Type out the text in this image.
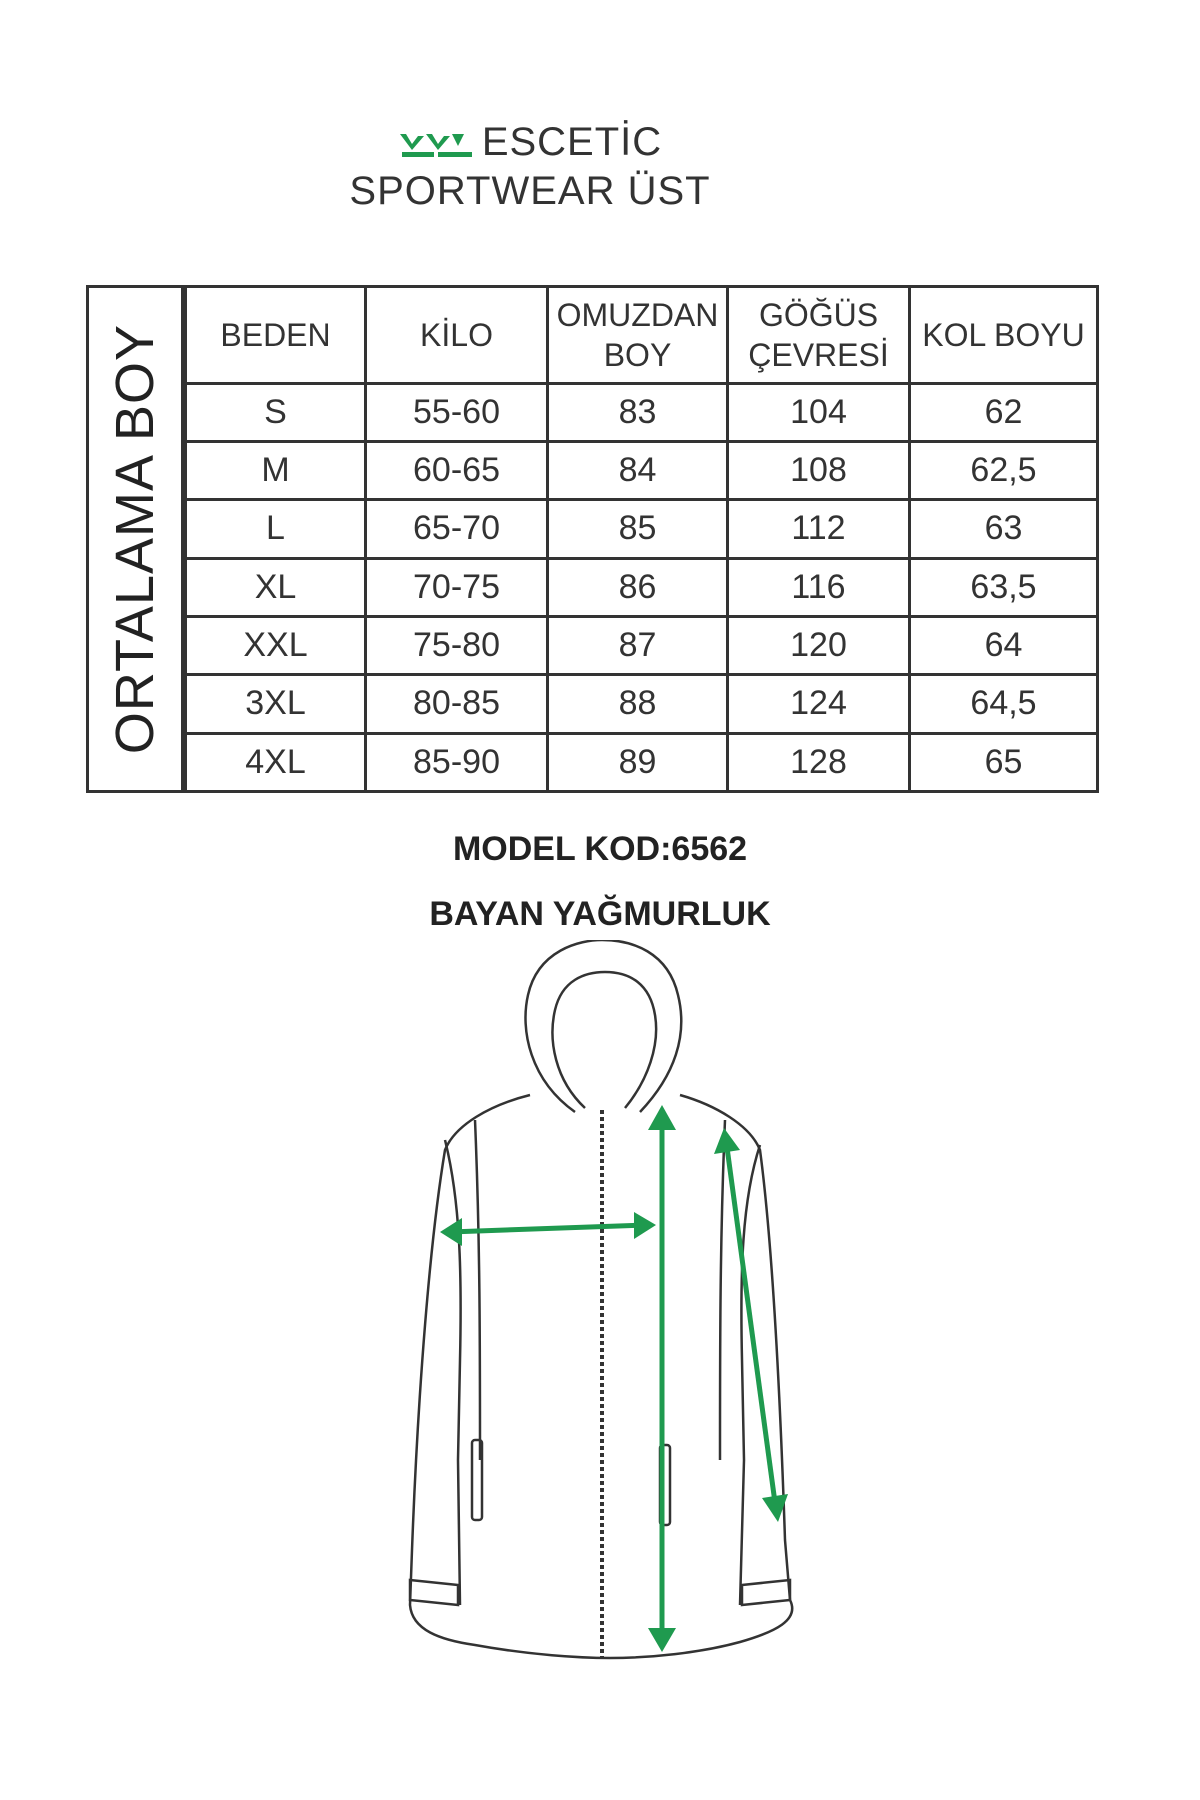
ESCETİC
SPORTWEAR ÜST
ORTALAMA BOY BEDEN	KİLO	OMUZDAN BOY	GÖĞÜS ÇEVRESİ	KOL BOYU
S	55-60	83	104	62
M	60-65	84	108	62,5
L	65-70	85	112	63
XL	70-75	86	116	63,5
XXL	75-80	87	120	64
3XL	80-85	88	124	64,5
4XL	85-90	89	128	65
MODEL KOD:6562
BAYAN YAĞMURLUK
